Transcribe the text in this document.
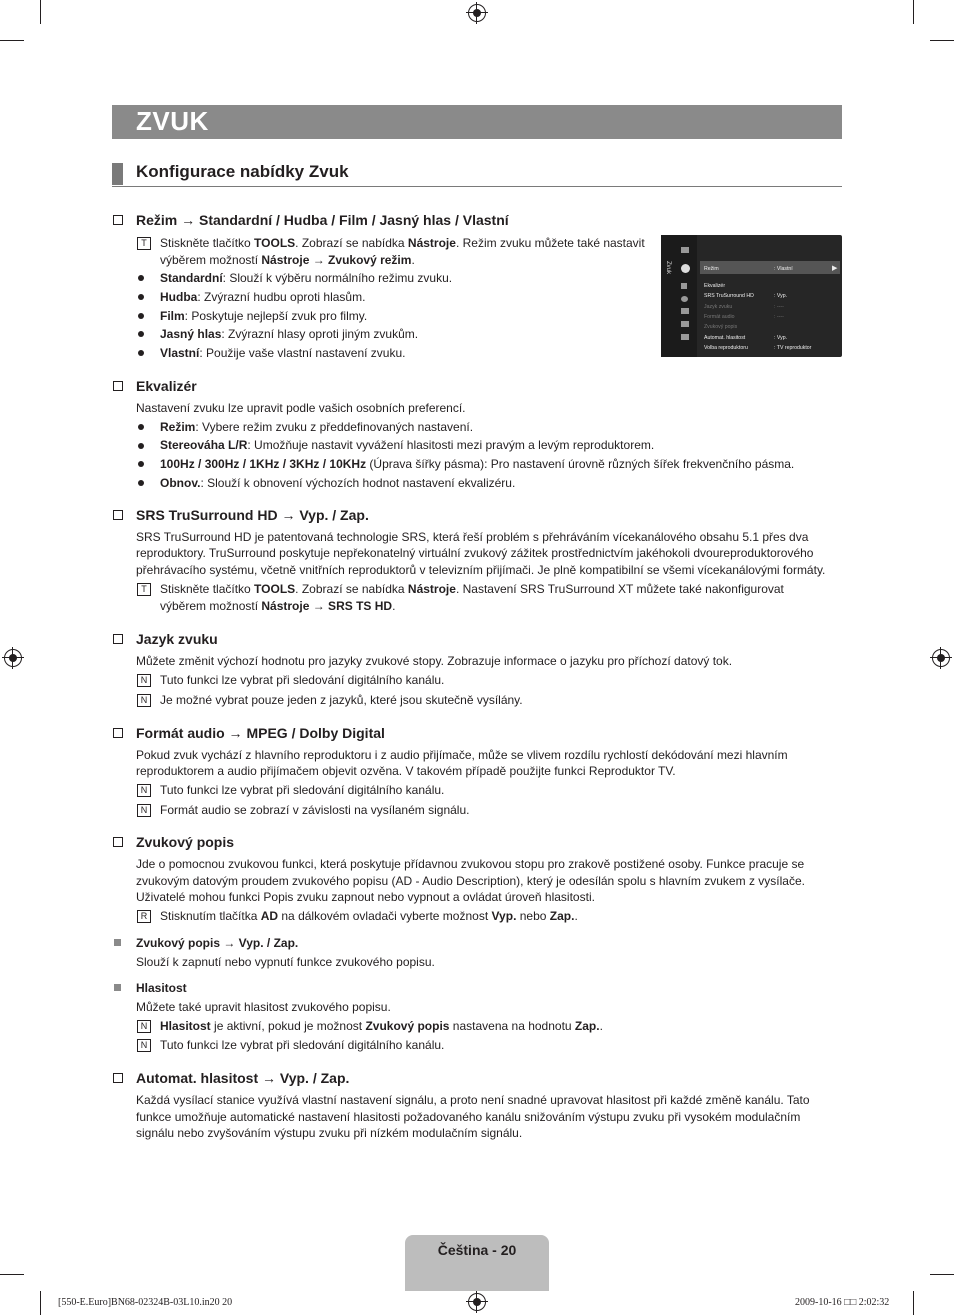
ZVUK
Konfigurace nabídky Zvuk
Režim → Standardní / Hudba / Film / Jasný hlas / Vlastní
T	Stiskněte tlačítko TOOLS. Zobrazí se nabídka Nástroje. Režim zvuku můžete také nastavit
výběrem možností Nástroje → Zvukový režim.
Standardní: Slouží k výběru normálního režimu zvuku.
Hudba: Zvýrazní hudbu oproti hlasům.
Film: Poskytuje nejlepší zvuk pro filmy.
Jasný hlas: Zvýrazní hlasy oproti jiným zvukům.
Vlastní: Použije vaše vlastní nastavení zvuku.
Zvuk	Režim	: Vlastní	▶
Ekvalizér
SRS TruSurround HD	: Vyp.
Jazyk zvuku	: ----
Formát audio	: ----
Zvukový popis
Automat. hlasitost	: Vyp.
Volba reproduktoru	: TV reproduktor
Ekvalizér
Nastavení zvuku lze upravit podle vašich osobních preferencí.
Režim: Vybere režim zvuku z předdefinovaných nastavení.
Stereováha L/R: Umožňuje nastavit vyvážení hlasitosti mezi pravým a levým reproduktorem.
100Hz / 300Hz / 1KHz / 3KHz / 10KHz (Úprava šířky pásma): Pro nastavení úrovně různých šířek frekvenčního pásma.
Obnov.: Slouží k obnovení výchozích hodnot nastavení ekvalizéru.
SRS TruSurround HD → Vyp. / Zap.
SRS TruSurround HD je patentovaná technologie SRS, která řeší problém s přehráváním vícekanálového obsahu 5.1 přes dva
reproduktory. TruSurround poskytuje nepřekonatelný virtuální zvukový zážitek prostřednictvím jakéhokoli dvoureproduktorového
přehrávacího systému, včetně vnitřních reproduktorů v televizním přijímači. Je plně kompatibilní se všemi vícekanálovými formáty.
T	Stiskněte tlačítko TOOLS. Zobrazí se nabídka Nástroje. Nastavení SRS TruSurround XT můžete také nakonfigurovat
výběrem možností Nástroje → SRS TS HD.
Jazyk zvuku
Můžete změnit výchozí hodnotu pro jazyky zvukové stopy. Zobrazuje informace o jazyku pro příchozí datový tok.
N	Tuto funkci lze vybrat při sledování digitálního kanálu.
N	Je možné vybrat pouze jeden z jazyků, které jsou skutečně vysílány.
Formát audio → MPEG / Dolby Digital
Pokud zvuk vychází z hlavního reproduktoru i z audio přijímače, může se vlivem rozdílu rychlostí dekódování mezi hlavním
reproduktorem a audio přijímačem objevit ozvěna. V takovém případě použijte funkci Reproduktor TV.
N	Tuto funkci lze vybrat při sledování digitálního kanálu.
N	Formát audio se zobrazí v závislosti na vysílaném signálu.
Zvukový popis
Jde o pomocnou zvukovou funkci, která poskytuje přídavnou zvukovou stopu pro zrakově postižené osoby. Funkce pracuje se
zvukovým datovým proudem zvukového popisu (AD - Audio Description), který je odesílán spolu s hlavním zvukem z vysílače.
Uživatelé mohou funkci Popis zvuku zapnout nebo vypnout a ovládat úroveň hlasitosti.
R	Stisknutím tlačítka AD na dálkovém ovladači vyberte možnost Vyp. nebo Zap..
Zvukový popis → Vyp. / Zap.
Slouží k zapnutí nebo vypnutí funkce zvukového popisu.
Hlasitost
Můžete také upravit hlasitost zvukového popisu.
N	Hlasitost je aktivní, pokud je možnost Zvukový popis nastavena na hodnotu Zap..
N	Tuto funkci lze vybrat při sledování digitálního kanálu.
Automat. hlasitost → Vyp. / Zap.
Každá vysílací stanice využívá vlastní nastavení signálu, a proto není snadné upravovat hlasitost při každé změně kanálu. Tato
funkce umožňuje automatické nastavení hlasitosti požadovaného kanálu snižováním výstupu zvuku při vysokém modulačním
signálu nebo zvyšováním výstupu zvuku při nízkém modulačním signálu.
Čeština - 20
[550-E.Euro]BN68-02324B-03L10.in20 20	2009-10-16 □□ 2:02:32
